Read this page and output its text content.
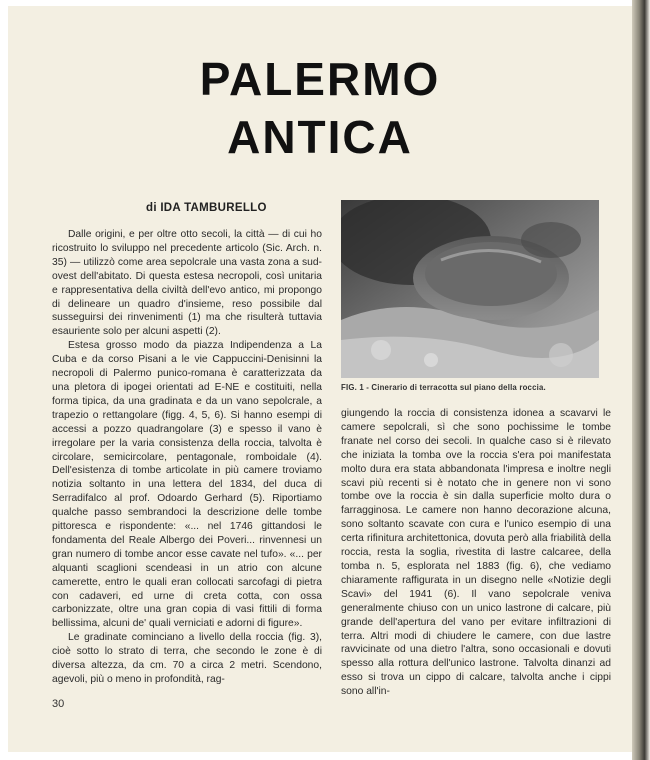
PALERMO
ANTICA
di IDA TAMBURELLO

Dalle origini, e per oltre otto secoli, la città — di cui ho ricostruito lo sviluppo nel precedente articolo (Sic. Arch. n. 35) — utilizzò come area sepolcrale una vasta zona a sud-ovest dell'abitato. Di questa estesa necropoli, così unitaria e rappresentativa della civiltà dell'evo antico, mi propongo di delineare un quadro d'insieme, reso possibile dal susseguirsi dei rinvenimenti (1) ma che risulterà tuttavia esauriente solo per alcuni aspetti (2).

Estesa grosso modo da piazza Indipendenza a La Cuba e da corso Pisani a le vie Cappuccini-Denisinni la necropoli di Palermo punico-romana è caratterizzata da una pletora di ipogei orientati ad E-NE e costituiti, nella forma tipica, da una gradinata e da un vano sepolcrale, a trapezio o rettangolare (figg. 4, 5, 6). Si hanno esempi di accessi a pozzo quadrangolare (3) e spesso il vano è irregolare per la varia consistenza della roccia, talvolta è circolare, semicircolare, pentagonale, romboidale (4). Dell'esistenza di tombe articolate in più camere troviamo notizia soltanto in una lettera del 1834, del duca di Serradifalco al prof. Odoardo Gerhard (5). Riportiamo qualche passo sembrandoci la descrizione delle tombe pittoresca e rispondente: «... nel 1746 gittandosi le fondamenta del Reale Albergo dei Poveri... rinvennesi un gran numero di tombe ancor esse cavate nel tufo». «... per alquanti scaglioni scendeasi in un atrio con alcune camerette, entro le quali eran collocati sarcofagi di pietra con cadaveri, ed urne di creta cotta, con ossa carbonizzate, oltre una gran copia di vasi fittili di forma bellissima, alcuni de' quali verniciati e adorni di figure».

Le gradinate cominciano a livello della roccia (fig. 3), cioè sotto lo strato di terra, che secondo le zone è di diversa altezza, da cm. 70 a circa 2 metri. Scendono, agevoli, più o meno in profondità, rag-

FIG. 1 - Cinerario di terracotta sul piano della roccia.

giungendo la roccia di consistenza idonea a scavarvi le camere sepolcrali, sì che sono pochissime le tombe franate nel corso dei secoli. In qualche caso si è rilevato che iniziata la tomba ove la roccia s'era poi manifestata molto dura era stata abbandonata l'impresa e inoltre negli scavi più recenti si è notato che in genere non vi sono tombe ove la roccia è sin dalla superficie molto dura o farragginosa. Le camere non hanno decorazione alcuna, sono soltanto scavate con cura e l'unico esempio di una certa rifinitura architettonica, dovuta però alla friabilità della roccia, resta la soglia, rivestita di lastre calcaree, della tomba n. 5, esplorata nel 1883 (fig. 6), che vediamo chiaramente raffigurata in un disegno nelle «Notizie degli Scavi» del 1941 (6). Il vano sepolcrale veniva generalmente chiuso con un unico lastrone di calcare, più grande dell'apertura del vano per evitare infiltrazioni di terra. Altri modi di chiudere le camere, con due lastre ravvicinate od una dietro l'altra, sono occasionali e dovuti spesso alla rottura dell'unico lastrone. Talvolta dinanzi ad esso si trova un cippo di calcare, talvolta anche i cippi sono all'in-

30
